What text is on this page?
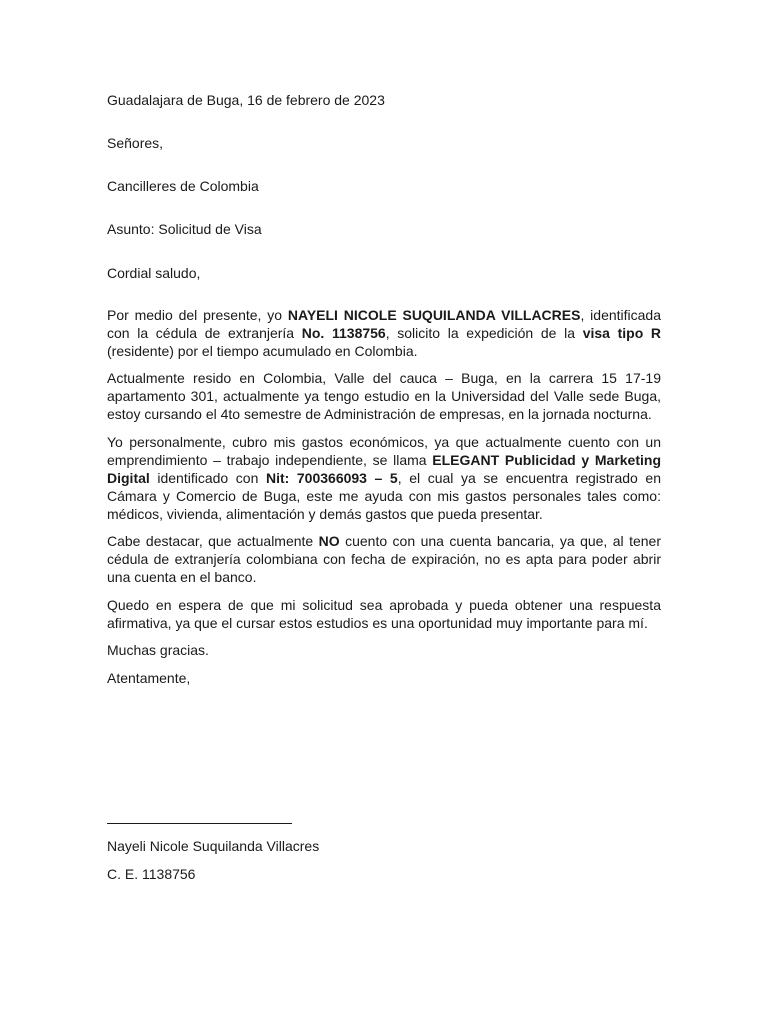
Guadalajara de Buga, 16 de febrero de 2023
Señores,
Cancilleres de Colombia
Asunto: Solicitud de Visa
Cordial saludo,
Por medio del presente, yo NAYELI NICOLE SUQUILANDA VILLACRES, identificada con la cédula de extranjería No. 1138756, solicito la expedición de la visa tipo R (residente) por el tiempo acumulado en Colombia.
Actualmente resido en Colombia, Valle del cauca – Buga, en la carrera 15 17-19 apartamento 301, actualmente ya tengo estudio en la Universidad del Valle sede Buga, estoy cursando el 4to semestre de Administración de empresas, en la jornada nocturna.
Yo personalmente, cubro mis gastos económicos, ya que actualmente cuento con un emprendimiento – trabajo independiente, se llama ELEGANT Publicidad y Marketing Digital identificado con Nit: 700366093 – 5, el cual ya se encuentra registrado en Cámara y Comercio de Buga, este me ayuda con mis gastos personales tales como: médicos, vivienda, alimentación y demás gastos que pueda presentar.
Cabe destacar, que actualmente NO cuento con una cuenta bancaria, ya que, al tener cédula de extranjería colombiana con fecha de expiración, no es apta para poder abrir una cuenta en el banco.
Quedo en espera de que mi solicitud sea aprobada y pueda obtener una respuesta afirmativa, ya que el cursar estos estudios es una oportunidad muy importante para mí.
Muchas gracias.
Atentamente,
Nayeli Nicole Suquilanda Villacres
C. E. 1138756
